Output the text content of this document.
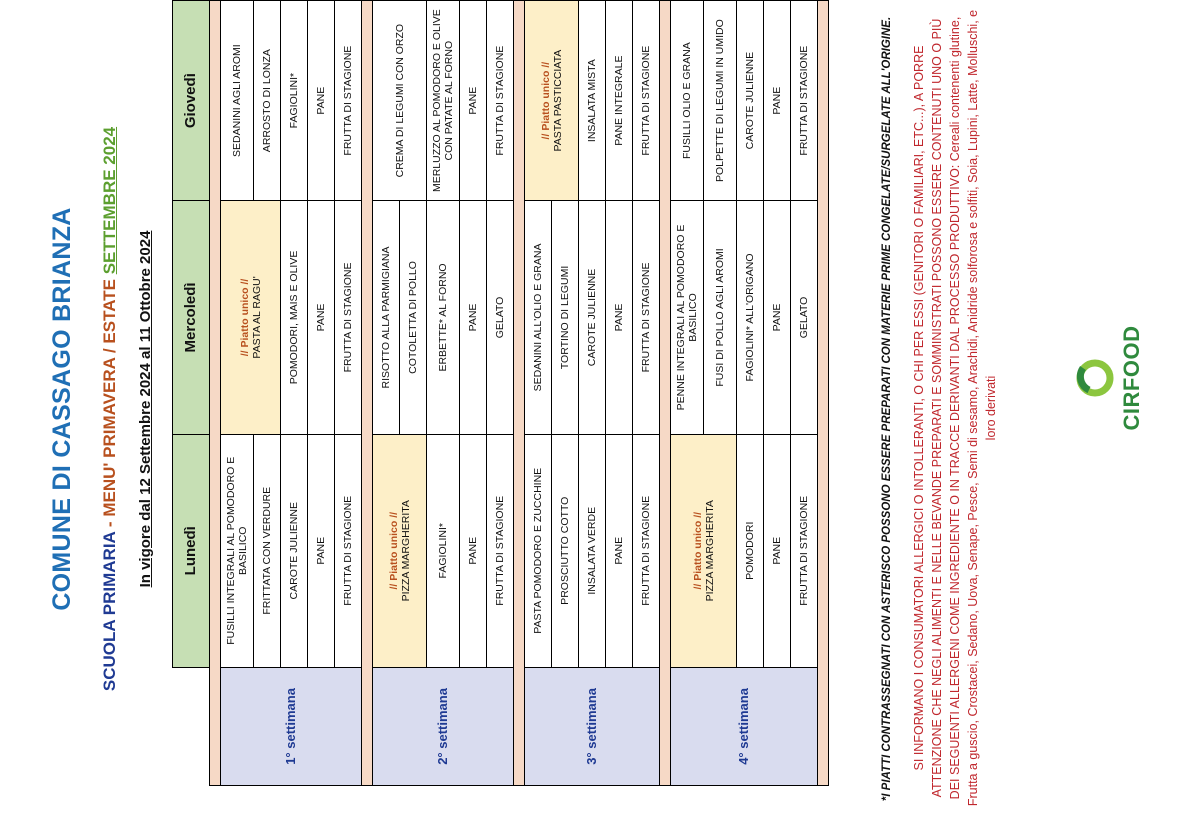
COMUNE DI CASSAGO BRIANZA
SCUOLA PRIMARIA - MENU' PRIMAVERA / ESTATE SETTEMBRE 2024
In vigore dal 12 Settembre 2024 al 11 Ottobre 2024
	Lunedì	Mercoledì	Giovedì

1° settimana	FUSILLI INTEGRALI AL POMODORO E BASILICO	// Piatto unico // PASTA AL RAGU'	SEDANINI AGLI AROMI
	FRITTATA CON VERDURE		ARROSTO DI LONZA
	CAROTE JULIENNE	POMODORI, MAIS E OLIVE	FAGIOLINI*
	PANE	PANE	PANE
	FRUTTA DI STAGIONE	FRUTTA DI STAGIONE	FRUTTA DI STAGIONE

2° settimana	// Piatto unico // PIZZA MARGHERITA	RISOTTO ALLA PARMIGIANA	CREMA DI LEGUMI CON ORZO
		COTOLETTA DI POLLO	
	FAGIOLINI*	ERBETTE* AL FORNO	MERLUZZO AL POMODORO E OLIVE CON PATATE AL FORNO
	PANE	PANE	PANE
	FRUTTA DI STAGIONE	GELATO	FRUTTA DI STAGIONE

3° settimana	PASTA POMODORO E ZUCCHINE	SEDANINI ALL'OLIO E GRANA	// Piatto unico // PASTA PASTICCIATA

	PROSCIUTTO COTTO	TORTINO DI LEGUMI	
	INSALATA VERDE	CAROTE JULIENNE	INSALATA MISTA
	PANE	PANE	PANE INTEGRALE
	FRUTTA DI STAGIONE	FRUTTA DI STAGIONE	FRUTTA DI STAGIONE

4° settimana	// Piatto unico // PIZZA MARGHERITA	PENNE INTEGRALI AL POMODORO E BASILICO	FUSILLI OLIO E GRANA
		FUSI DI POLLO AGLI AROMI	POLPETTE DI LEGUMI IN UMIDO
	POMODORI	FAGIOLINI* ALL'ORIGANO	CAROTE JULIENNE
	PANE	PANE	PANE
	FRUTTA DI STAGIONE	GELATO	FRUTTA DI STAGIONE	*I PIATTI CONTRASSEGNATI CON ASTERISCO POSSONO ESSERE PREPARATI CON MATERIE PRIME CONGELATE/SURGELATE ALL'ORIGINE. SI INFORMANO I CONSUMATORI ALLERGICI O INTOLLERANTI, O CHI PER ESSI (GENITORI O FAMILIARI, ETC...), A PORRE ATTENZIONE CHE NEGLI ALIMENTI E NELLE BEVANDE PREPARATI E SOMMINISTRATI POSSONO ESSERE CONTENUTI UNO O PIÙ DEI SEGUENTI ALLERGENI COME INGREDIENTE O IN TRACCE DERIVANTI DAL PROCESSO PRODUTTIVO: Cereali contenenti glutine, Frutta a guscio, Crostacei, Sedano, Uova, Senape, Pesce, Semi di sesamo, Arachidi, Anidride solforosa e solfiti, Soia, Lupini, Latte, Molluschi, e loro derivati	CIRFOOD
